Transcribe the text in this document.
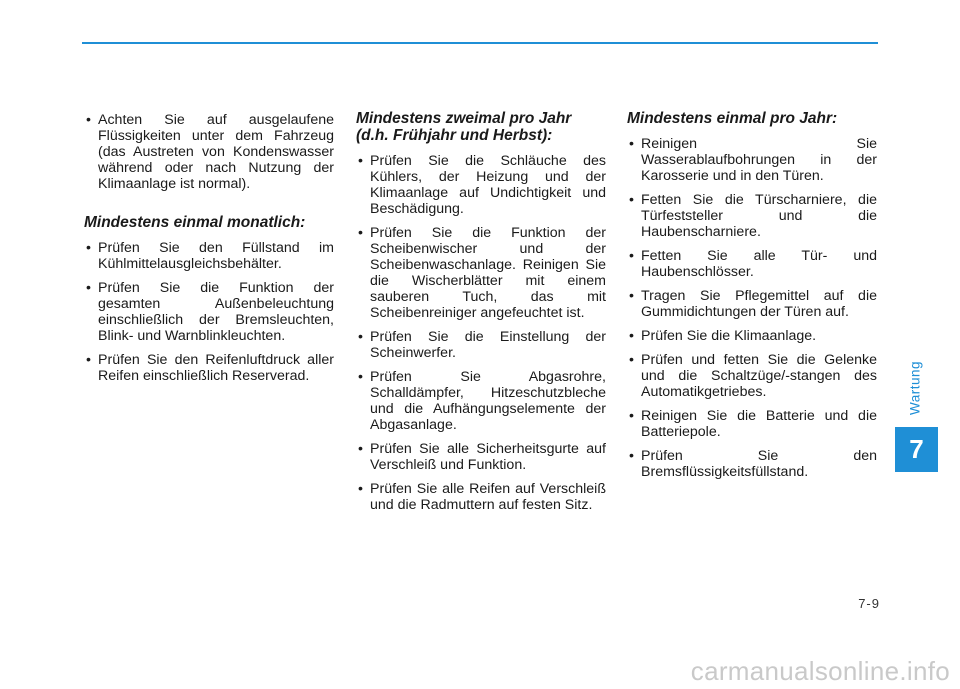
• Achten Sie auf ausgelaufene Flüssigkeiten unter dem Fahrzeug (das Austreten von Kondenswasser während oder nach Nutzung der Klimaanlage ist normal).
Mindestens einmal monatlich:
• Prüfen Sie den Füllstand im Kühlmittelausgleichsbehälter.
• Prüfen Sie die Funktion der gesamten Außenbeleuchtung einschließlich der Bremsleuchten, Blink- und Warnblinkleuchten.
• Prüfen Sie den Reifenluftdruck aller Reifen einschließlich Reserverad.
Mindestens zweimal pro Jahr (d.h. Frühjahr und Herbst):
• Prüfen Sie die Schläuche des Kühlers, der Heizung und der Klimaanlage auf Undichtigkeit und Beschädigung.
• Prüfen Sie die Funktion der Scheibenwischer und der Scheibenwaschanlage. Reinigen Sie die Wischerblätter mit einem sauberen Tuch, das mit Scheibenreiniger angefeuchtet ist.
• Prüfen Sie die Einstellung der Scheinwerfer.
• Prüfen Sie Abgasrohre, Schalldämpfer, Hitzeschutzbleche und die Aufhängungselemente der Abgasanlage.
• Prüfen Sie alle Sicherheitsgurte auf Verschleiß und Funktion.
• Prüfen Sie alle Reifen auf Verschleiß und die Radmuttern auf festen Sitz.
Mindestens einmal pro Jahr:
• Reinigen Sie Wasserablaufbohrungen in der Karosserie und in den Türen.
• Fetten Sie die Türscharniere, die Türfeststeller und die Haubenscharniere.
• Fetten Sie alle Tür- und Haubenschlösser.
• Tragen Sie Pflegemittel auf die Gummidichtungen der Türen auf.
• Prüfen Sie die Klimaanlage.
• Prüfen und fetten Sie die Gelenke und die Schaltzüge/-stangen des Automatikgetriebes.
• Reinigen Sie die Batterie und die Batteriepole.
• Prüfen Sie den Bremsflüssigkeitsfüllstand.
Wartung
7
7-9
carmanualsonline.info
